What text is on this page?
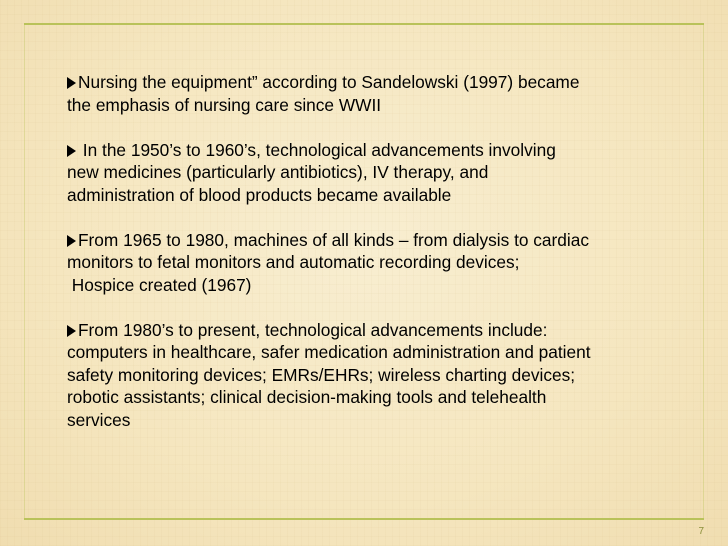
Nursing the equipment” according to Sandelowski (1997) became
the emphasis of nursing care since WWII
In the 1950’s to 1960’s, technological advancements involving
new medicines (particularly antibiotics), IV therapy, and
administration of blood products became available
From 1965 to 1980, machines of all kinds – from dialysis to cardiac
monitors to fetal monitors and automatic recording devices;
Hospice created (1967)
From 1980’s to present, technological advancements include:
computers in healthcare, safer medication administration and patient
safety monitoring devices; EMRs/EHRs; wireless charting devices;
robotic assistants; clinical decision-making tools and telehealth
services
7
